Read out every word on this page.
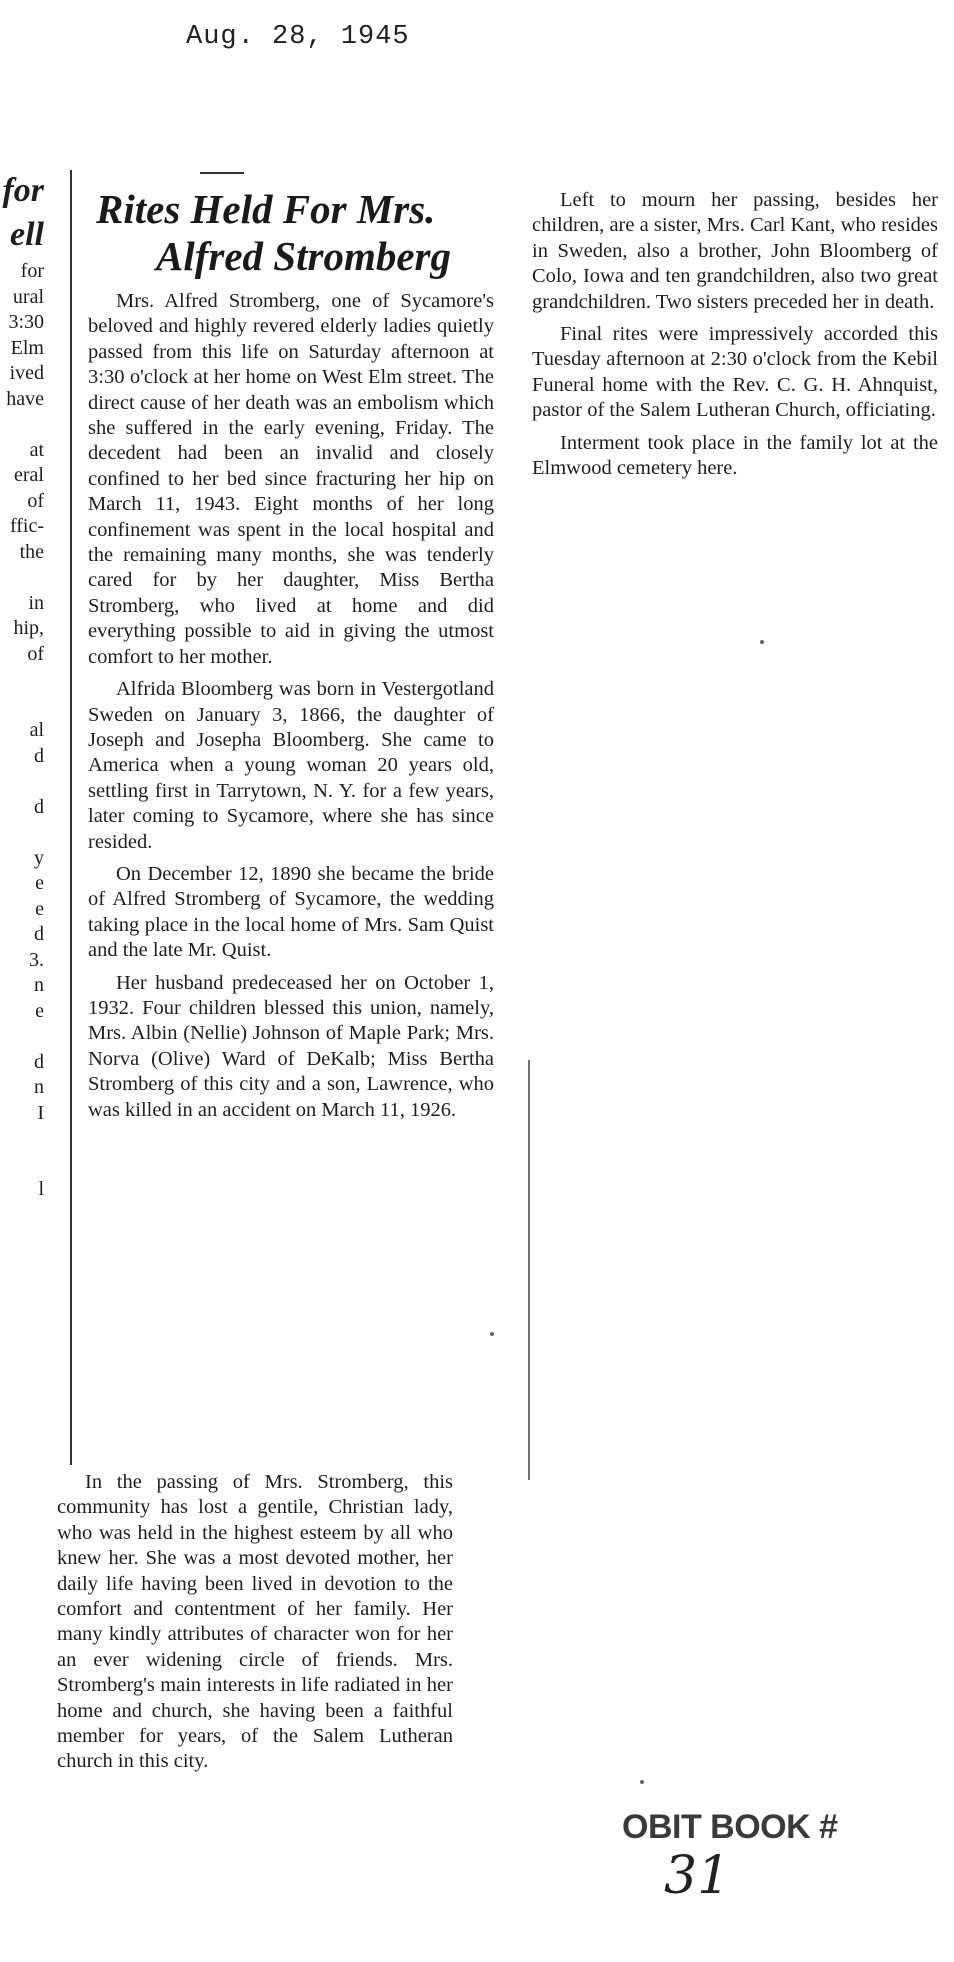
Aug. 28, 1945
for
ell
for
ural
3:30
Elm
ived
have
at
eral
of
ffic-
the
in
hip,
of
al
d
d
y
e
e
d
3.
n
e
d
n
I
l
Rites Held For Mrs.
Alfred Stromberg

Mrs. Alfred Stromberg, one of Sycamore's beloved and highly revered elderly ladies quietly passed from this life on Saturday afternoon at 3:30 o'clock at her home on West Elm street. The direct cause of her death was an embolism which she suffered in the early evening, Friday. The decedent had been an invalid and closely confined to her bed since fracturing her hip on March 11, 1943. Eight months of her long confinement was spent in the local hospital and the remaining many months, she was tenderly cared for by her daughter, Miss Bertha Stromberg, who lived at home and did everything possible to aid in giving the utmost comfort to her mother.

Alfrida Bloomberg was born in Vestergotland Sweden on January 3, 1866, the daughter of Joseph and Josepha Bloomberg. She came to America when a young woman 20 years old, settling first in Tarrytown, N. Y. for a few years, later coming to Sycamore, where she has since resided.

On December 12, 1890 she became the bride of Alfred Stromberg of Sycamore, the wedding taking place in the local home of Mrs. Sam Quist and the late Mr. Quist.

Her husband predeceased her on October 1, 1932. Four children blessed this union, namely, Mrs. Albin (Nellie) Johnson of Maple Park; Mrs. Norva (Olive) Ward of DeKalb; Miss Bertha Stromberg of this city and a son, Lawrence, who was killed in an accident on March 11, 1926.

In the passing of Mrs. Stromberg, this community has lost a gentile, Christian lady, who was held in the highest esteem by all who knew her. She was a most devoted mother, her daily life having been lived in devotion to the comfort and contentment of her family. Her many kindly attributes of character won for her an ever widening circle of friends. Mrs. Stromberg's main interests in life radiated in her home and church, she having been a faithful member for years, of the Salem Lutheran church in this city.

Left to mourn her passing, besides her children, are a sister, Mrs. Carl Kant, who resides in Sweden, also a brother, John Bloomberg of Colo, Iowa and ten grandchildren, also two great grandchildren. Two sisters preceded her in death.

Final rites were impressively accorded this Tuesday afternoon at 2:30 o'clock from the Kebil Funeral home with the Rev. C. G. H. Ahnquist, pastor of the Salem Lutheran Church, officiating.

Interment took place in the family lot at the Elmwood cemetery here.

OBIT BOOK #
31
